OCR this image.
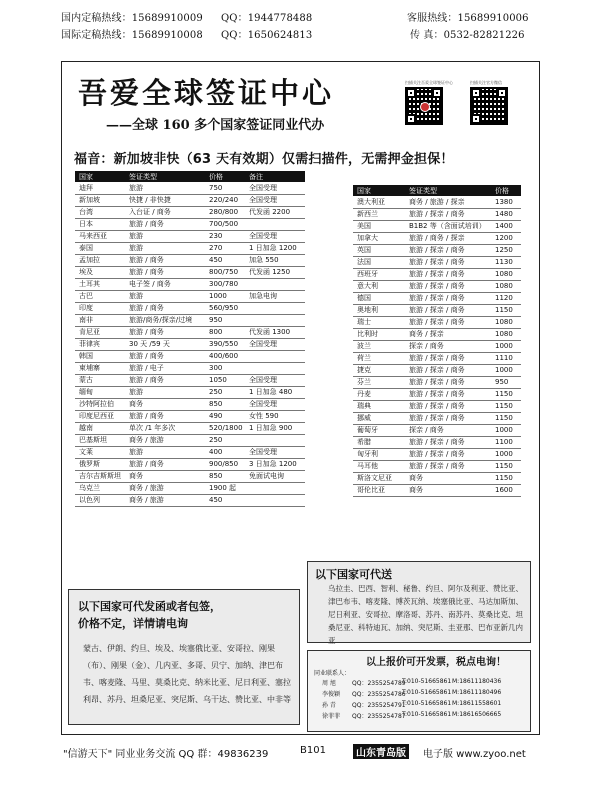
国内定稿热线：15689910009 QQ：1944778488	客服热线：15689910006
国际定稿热线：15689910008 QQ：1650624813	传 真：0532-82821226
吾爱全球签证中心
——全球 160 多个国家签证同业代办
扫描关注吾爱全球签证中心	扫描关注官方微信
福音：新加坡非快（63 天有效期）仅需扫描件，无需押金担保！
国家	签证类型	价格	备注
迪拜	旅游	750	全国受理
新加坡	快捷 / 非快捷	220/240	全国受理
台湾	入台证 / 商务	280/800	代发函 2200
日本	旅游 / 商务	700/500	
马来西亚	旅游	230	全国受理
泰国	旅游	270	1 日加急 1200
孟加拉	旅游 / 商务	450	加急 550
埃及	旅游 / 商务	800/750	代发函 1250
土耳其	电子签 / 商务	300/780	
古巴	旅游	1000	加急电询
印度	旅游 / 商务	560/950	
南非	旅游/商务/探亲/过境	950	
肯尼亚	旅游 / 商务	800	代发函 1300
菲律宾	30 天 /59 天	390/550	全国受理
韩国	旅游 / 商务	400/600	
柬埔寨	旅游 / 电子	300	
蒙古	旅游 / 商务	1050	全国受理
缅甸	旅游	250	1 日加急 480
沙特阿拉伯	商务	850	全国受理
印度尼西亚	旅游 / 商务	490	女性 590
越南	单次 /1 年多次	520/1800	1 日加急 900
巴基斯坦	商务 / 旅游	250	
文莱	旅游	400	全国受理
俄罗斯	旅游 / 商务	900/850	3 日加急 1200
吉尔吉斯斯坦	商务	850	免面试电询
乌克兰	商务 / 旅游	1900 起	
以色列	商务 / 旅游	450	
国家	签证类型	价格
澳大利亚	商务 / 旅游 / 探亲	1380
新西兰	旅游 / 探亲 / 商务	1480
美国	B1B2 等（含面试培训）	1400
加拿大	旅游 / 商务 / 探亲	1200
英国	旅游 / 探亲 / 商务	1250
法国	旅游 / 探亲 / 商务	1130
西班牙	旅游 / 探亲 / 商务	1080
意大利	旅游 / 探亲 / 商务	1080
德国	旅游 / 探亲 / 商务	1120
奥地利	旅游 / 探亲 / 商务	1150
瑞士	旅游 / 探亲 / 商务	1080
比利时	商务 / 探亲	1080
波兰	探亲 / 商务	1000
荷兰	旅游 / 探亲 / 商务	1110
捷克	旅游 / 探亲 / 商务	1000
芬兰	旅游 / 探亲 / 商务	950
丹麦	旅游 / 探亲 / 商务	1150
瑞典	旅游 / 探亲 / 商务	1150
挪威	旅游 / 探亲 / 商务	1150
葡萄牙	探亲 / 商务	1000
希腊	旅游 / 探亲 / 商务	1100
匈牙利	旅游 / 探亲 / 商务	1000
马耳他	旅游 / 探亲 / 商务	1150
斯洛文尼亚	商务	1150
哥伦比亚	商务	1600
以下国家可代发函或者包签，
价格不定，详情请电询
蒙古、伊朗、约旦、埃及、埃塞俄比亚、安哥拉、刚果（布）、刚果（金）、几内亚、多哥、贝宁、加纳、津巴布韦、喀麦隆、马里、莫桑比克、纳米比亚、尼日利亚、塞拉利昂、苏丹、坦桑尼亚、突尼斯、乌干达、赞比亚、中非等
以下国家可代送
乌拉圭、巴西、智利、秘鲁、约旦、阿尔及利亚、赞比亚、津巴布韦、喀麦隆、博茨瓦纳、埃塞俄比亚、马达加斯加、尼日利亚、安哥拉、摩洛哥、苏丹、南苏丹、莫桑比克、坦桑尼亚、科特迪瓦、加纳、突尼斯、圭亚那、巴布亚新几内亚
以上报价可开发票，税点电询！
同业联系人：
周 旭	QQ：2355254789
T:010-51665861 M:18611180436
李俊颖 QQ：2355254786
T:010-51665861 M:18611180496
孙 青	QQ：2355254791
T:010-51665861 M:18611558601
徐菲菲 QQ：2355254787
T:010-51665861 M:18616506665
"信游天下" 同业业务交流 QQ 群：49836239	B101	山东青岛版	电子版 www.zyoo.net
